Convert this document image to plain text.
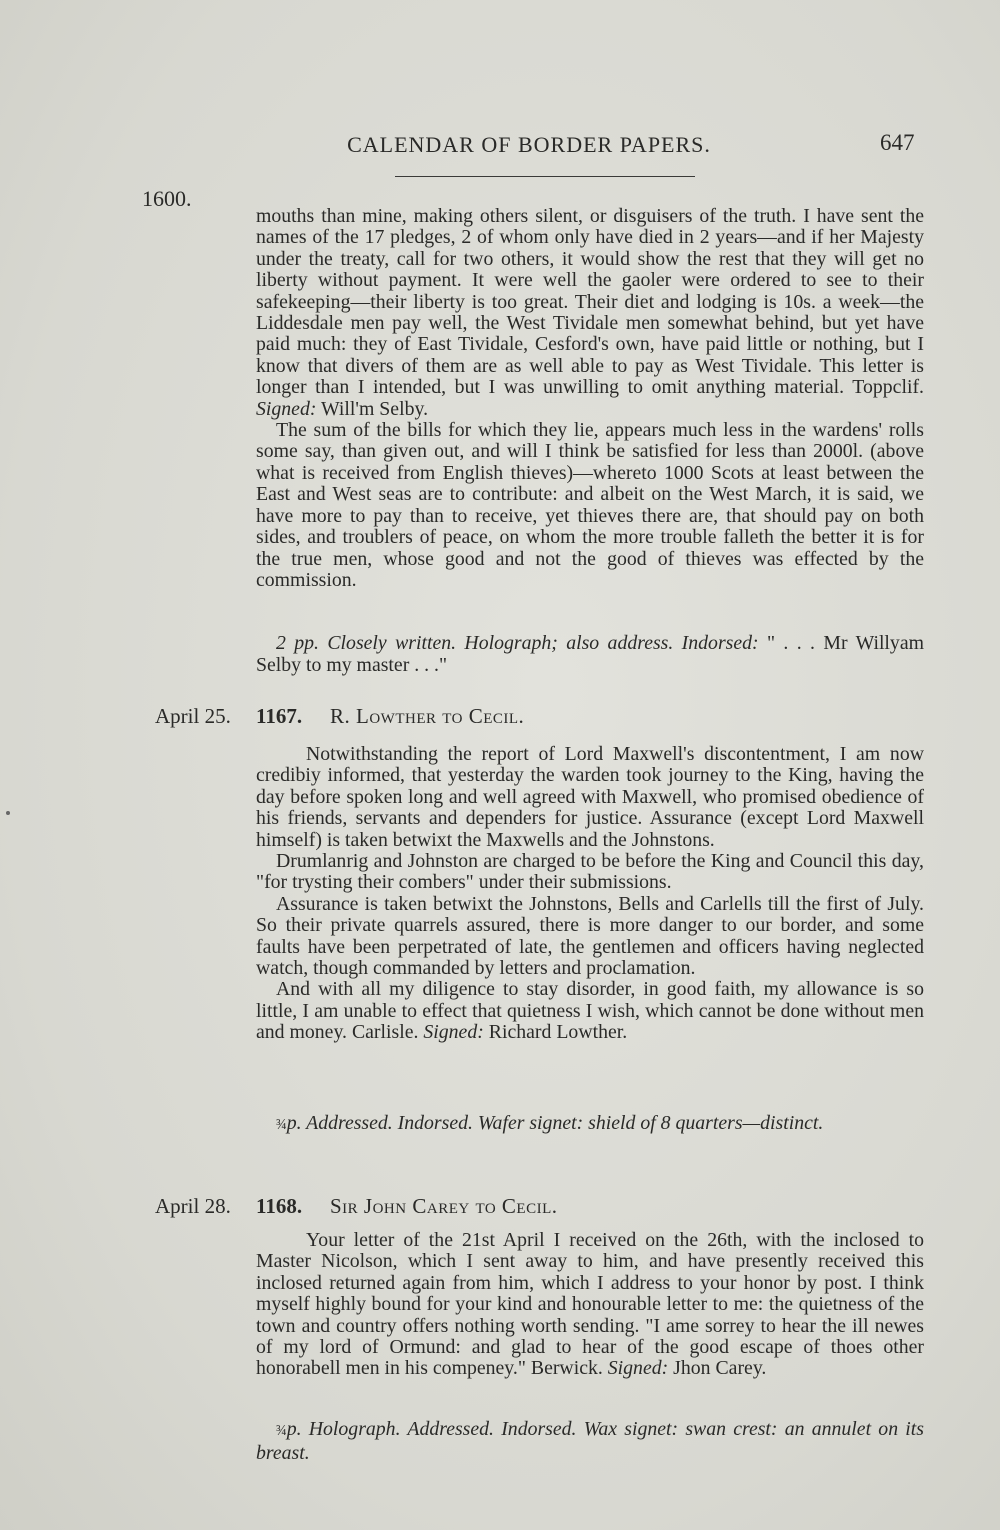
CALENDAR OF BORDER PAPERS.	647
1600.

mouths than mine, making others silent, or disguisers of the truth. I have sent the names of the 17 pledges, 2 of whom only have died in 2 years—and if her Majesty under the treaty, call for two others, it would show the rest that they will get no liberty without payment. It were well the gaoler were ordered to see to their safekeeping—their liberty is too great. Their diet and lodging is 10s. a week—the Liddesdale men pay well, the West Tividale men somewhat behind, but yet have paid much: they of East Tividale, Cesford's own, have paid little or nothing, but I know that divers of them are as well able to pay as West Tividale. This letter is longer than I intended, but I was unwilling to omit anything material. Toppclif. Signed: Will'm Selby.

The sum of the bills for which they lie, appears much less in the wardens' rolls some say, than given out, and will I think be satisfied for less than 2000l. (above what is received from English thieves)—whereto 1000 Scots at least between the East and West seas are to contribute: and albeit on the West March, it is said, we have more to pay than to receive, yet thieves there are, that should pay on both sides, and troublers of peace, on whom the more trouble falleth the better it is for the true men, whose good and not the good of thieves was effected by the commission.

2 pp. Closely written. Holograph; also address. Indorsed: " . . . Mr Willyam Selby to my master . . ."
April 25. 1167. R. Lowther to Cecil.

Notwithstanding the report of Lord Maxwell's discontentment, I am now credibiy informed, that yesterday the warden took journey to the King, having the day before spoken long and well agreed with Maxwell, who promised obedience of his friends, servants and dependers for justice. Assurance (except Lord Maxwell himself) is taken betwixt the Maxwells and the Johnstons.

Drumlanrig and Johnston are charged to be before the King and Council this day, "for trysting their combers" under their submissions.

Assurance is taken betwixt the Johnstons, Bells and Carlells till the first of July. So their private quarrels assured, there is more danger to our border, and some faults have been perpetrated of late, the gentlemen and officers having neglected watch, though commanded by letters and proclamation.

And with all my diligence to stay disorder, in good faith, my allowance is so little, I am unable to effect that quietness I wish, which cannot be done without men and money. Carlisle. Signed: Richard Lowther.

¾p. Addressed. Indorsed. Wafer signet: shield of 8 quarters—distinct.
April 28. 1168. Sir John Carey to Cecil.

Your letter of the 21st April I received on the 26th, with the inclosed to Master Nicolson, which I sent away to him, and have presently received this inclosed returned again from him, which I address to your honor by post. I think myself highly bound for your kind and honourable letter to me: the quietness of the town and country offers nothing worth sending. "I ame sorrey to hear the ill newes of my lord of Ormund: and glad to hear of the good escape of thoes other honorabell men in his compeney." Berwick. Signed: Jhon Carey.

¾p. Holograph. Addressed. Indorsed. Wax signet: swan crest: an annulet on its breast.
